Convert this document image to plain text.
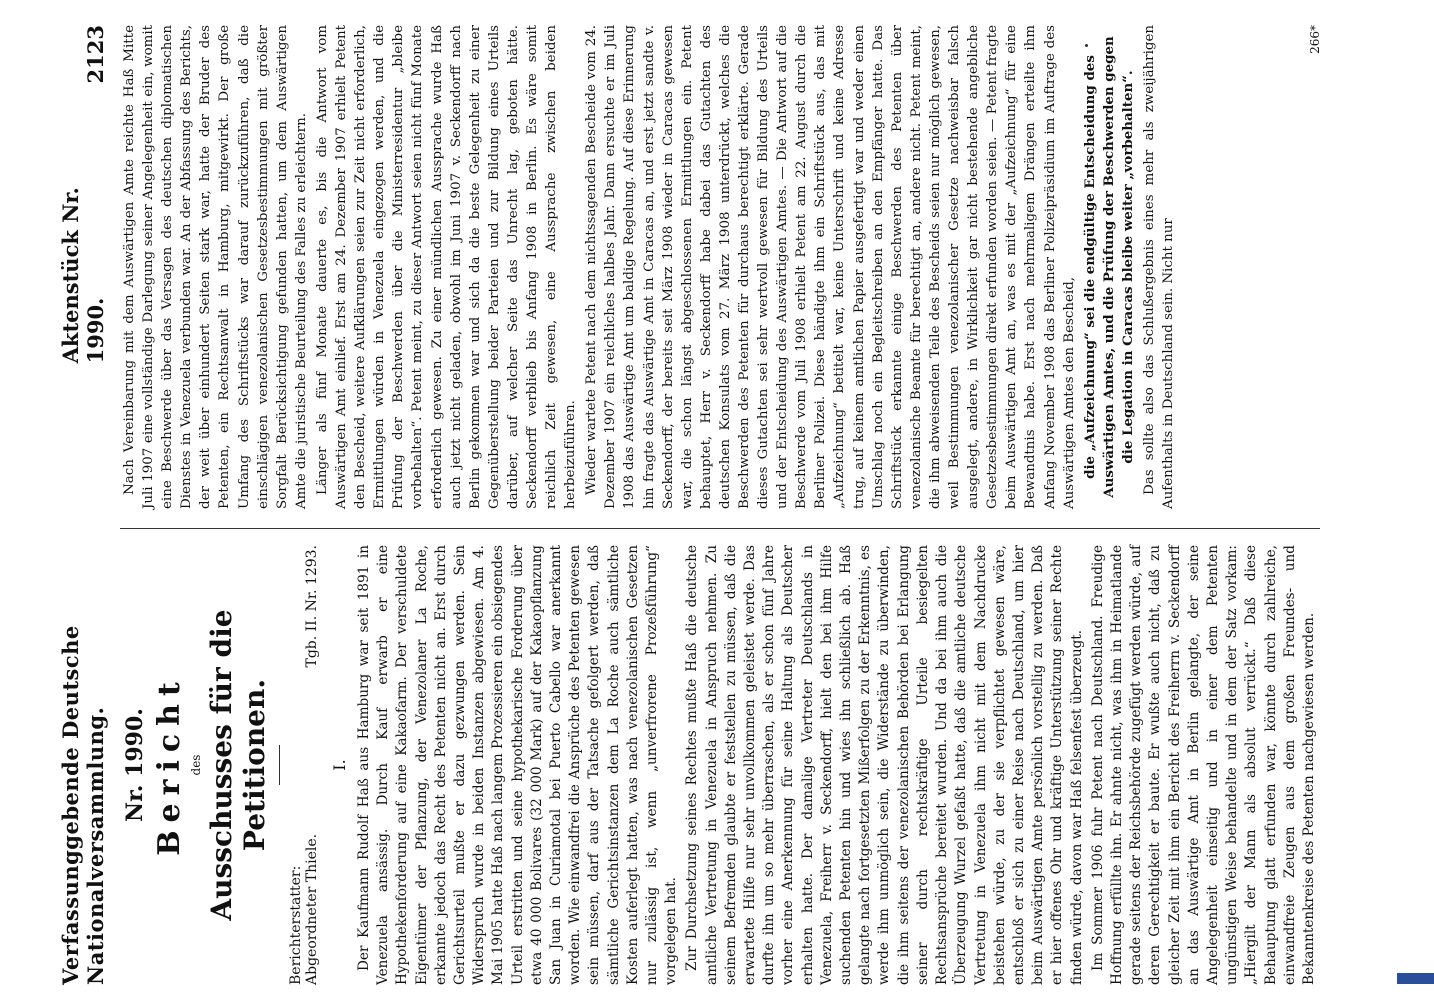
Verfassunggebende Deutsche Nationalversammlung.
Aktenstück Nr. 1990.
2123
Nr. 1990. Bericht des Ausschusses für die Petitionen.
Berichterstatter:
Abgeordneter Thiele.
Tgb. II. Nr. 1293.
I. Der Kaufmann Rudolf Haß aus Hamburg war seit 1891 in Venezuela ansässig. Durch Kauf erwarb er eine Hypothekenforderung auf eine Kakaofarm. Der verschuldete Eigentümer der Pflanzung, der Venezolaner La Roche, erkannte jedoch das Recht des Petenten nicht an. Erst durch Gerichtsurteil mußte er dazu gezwungen werden. Sein Widerspruch wurde in beiden Instanzen abgewiesen. Am 4. Mai 1905 hatte Haß nach langem Prozessieren ein obsiegendes Urteil erstritten und seine hypothekarische Forderung über etwa 40 000 Bolivares (32 000 Mark) auf der Kakaopflanzung San Juan in Curiamotal bei Puerto Cabello war anerkannt worden. Wie einwandfrei die Ansprüche des Petenten gewesen sein müssen, darf aus der Tatsache gefolgert werden, daß sämtliche Gerichtsinstanzen dem La Roche auch sämtliche Kosten auferlegt hatten, was nach venezolanischen Gesetzen nur zulässig ist, wenn „unverfrorene Prozeßführung“ vorgelegen hat. Zur Durchsetzung seines Rechtes mußte Haß die deutsche amtliche Vertretung in Venezuela in Anspruch nehmen. Zu seinem Befremden glaubte er feststellen zu müssen, daß die erwartete Hilfe nur sehr unvollkommen geleistet werde. Das durfte ihn um so mehr überraschen, als er schon fünf Jahre vorher eine Anerkennung für seine Haltung als Deutscher erhalten hatte. Der damalige Vertreter Deutschlands in Venezuela, Freiherr v. Seckendorff, hielt den bei ihm Hilfe suchenden Petenten hin und wies ihn schließlich ab. Haß gelangte nach fortgesetzten Mißerfolgen zu der Erkenntnis, es werde ihm unmöglich sein, die Widerstände zu überwinden, die ihm seitens der venezolanischen Behörden bei Erlangung seiner durch rechtskräftige Urteile besiegelten Rechtsansprüche bereitet wurden. Und da bei ihm auch die Überzeugung Wurzel gefaßt hatte, daß die amtliche deutsche Vertretung in Venezuela ihm nicht mit dem Nachdrucke beistehen würde, zu der sie verpflichtet gewesen wäre, entschloß er sich zu einer Reise nach Deutschland, um hier beim Auswärtigen Amte persönlich vorstellig zu werden. Daß er hier offenes Ohr und kräftige Unterstützung seiner Rechte finden würde, davon war Haß felsenfest überzeugt. Im Sommer 1906 fuhr Petent nach Deutschland. Freudige Hoffnung erfüllte ihn. Er ahnte nicht, was ihm in Heimatlande gerade seitens der Reichsbehörde zugefügt werden würde, auf deren Gerechtigkeit er baute. Er wußte auch nicht, daß zu gleicher Zeit mit ihm ein Bericht des Freiherrn v. Seckendorff an das Auswärtige Amt in Berlin gelangte, der seine Angelegenheit einseitig und in einer dem Petenten ungünstigen Weise behandelte und in dem der Satz vorkam: „Hiergilt der Mann als absolut verrückt.“ Daß diese Behauptung glatt erfunden war, könnte durch zahlreiche, einwandfreie Zeugen aus dem großen Freundes- und Bekanntenkreise des Petenten nachgewiesen werden.

Nach Vereinbarung mit dem Auswärtigen Amte reichte Haß Mitte Juli 1907 eine vollständige Darlegung seiner Angelegenheit ein, womit eine Beschwerde über das Versagen des deutschen diplomatischen Dienstes in Venezuela verbunden war. An der Abfassung des Berichts, der weit über einhundert Seiten stark war, hatte der Bruder des Petenten, ein Rechtsanwalt in Hamburg, mitgewirkt. Der große Umfang des Schriftstücks war darauf zurückzuführen, daß die einschlägigen venezolanischen Gesetzesbestimmungen mit größter Sorgfalt Berücksichtigung gefunden hatten, um dem Auswärtigen Amte die juristische Beurteilung des Falles zu erleichtern. Länger als fünf Monate dauerte es, bis die Antwort vom Auswärtigen Amt einlief. Erst am 24. Dezember 1907 erhielt Petent den Bescheid, weitere Aufklärungen seien zur Zeit nicht erforderlich, Ermittlungen würden in Venezuela eingezogen werden, und die Prüfung der Beschwerden über die Ministerresidentur „bleibe vorbehalten“. Petent meint, zu dieser Antwort seien nicht fünf Monate erforderlich gewesen. Zu einer mündlichen Aussprache wurde Haß auch jetzt nicht geladen, obwohl im Juni 1907 v. Seckendorff nach Berlin gekommen war und sich da die beste Gelegenheit zu einer Gegenüberstellung beider Parteien und zur Bildung eines Urteils darüber, auf welcher Seite das Unrecht lag, geboten hätte. Seckendorff verblieb bis Anfang 1908 in Berlin. Es wäre somit reichlich Zeit gewesen, eine Aussprache zwischen beiden herbeizuführen. Wieder wartete Petent nach dem nichtssagenden Bescheide vom 24. Dezember 1907 ein reichliches halbes Jahr. Dann ersuchte er im Juli 1908 das Auswärtige Amt um baldige Regelung. Auf diese Erinnerung hin fragte das Auswärtige Amt in Caracas an, und erst jetzt sandte v. Seckendorff, der bereits seit März 1908 wieder in Caracas gewesen war, die schon längst abgeschlossenen Ermittlungen ein. Petent behauptet, Herr v. Seckendorff habe dabei das Gutachten des deutschen Konsulats vom 27. März 1908 unterdrückt, welches die Beschwerden des Petenten für durchaus berechtigt erklärte. Gerade dieses Gutachten sei sehr wertvoll gewesen für Bildung des Urteils und der Entscheidung des Auswärtigen Amtes. — Die Antwort auf die Beschwerde vom Juli 1908 erhielt Petent am 22. August durch die Berliner Polizei. Diese händigte ihm ein Schriftstück aus, das mit „Aufzeichnung“ betitelt war, keine Unterschrift und keine Adresse trug, auf keinem amtlichen Papier ausgefertigt war und weder einen Umschlag noch ein Begleitschreiben an den Empfänger hatte. Das Schriftstück erkannte einige Beschwerden des Petenten über venezolanische Beamte für berechtigt an, andere nicht. Petent meint, die ihm abweisenden Teile des Bescheids seien nur möglich gewesen, weil Bestimmungen venezolanischer Gesetze nachweisbar falsch ausgelegt, andere, in Wirklichkeit gar nicht bestehende angebliche Gesetzesbestimmungen direkt erfunden worden seien. — Petent fragte beim Auswärtigen Amt an, was es mit der „Aufzeichnung“ für eine Bewandtnis habe. Erst nach mehrmaligem Drängen erteilte ihm Anfang November 1908 das Berliner Polizeipräsidium im Auftrage des Auswärtigen Amtes den Bescheid, die „Aufzeichnung“ sei die endgültige Entscheidung des Auswärtigen Amtes, und die Prüfung der Beschwerden gegen die Legation in Caracas bleibe weiter „vorbehalten“. Das sollte also das Schlußergebnis eines mehr als zweijährigen Aufenthalts in Deutschland sein. Nicht nur

266*
